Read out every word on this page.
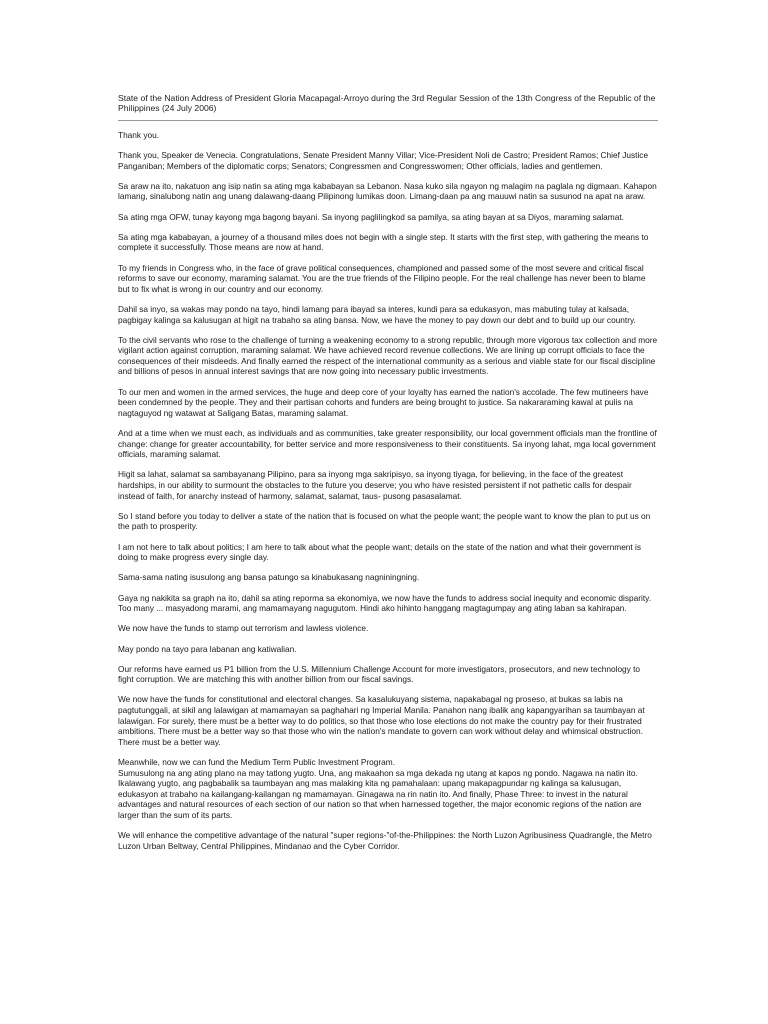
State of the Nation Address of President Gloria Macapagal-Arroyo during the 3rd Regular Session of the 13th Congress of the Republic of the Philippines (24 July 2006)

Thank you.

Thank you, Speaker de Venecia. Congratulations, Senate President Manny Villar; Vice-President Noli de Castro; President Ramos; Chief Justice Panganiban; Members of the diplomatic corps; Senators; Congressmen and Congresswomen; Other officials, ladies and gentlemen.

Sa araw na ito, nakatuon ang isip natin sa ating mga kababayan sa Lebanon. Nasa kuko sila ngayon ng malagim na paglala ng digmaan. Kahapon lamang, sinalubong natin ang unang dalawang-daang Pilipinong lumikas doon. Limang-daan pa ang mauuwi natin sa susunod na apat na araw.

Sa ating mga OFW, tunay kayong mga bagong bayani. Sa inyong paglilingkod sa pamilya, sa ating bayan at sa Diyos, maraming salamat.

Sa ating mga kababayan, a journey of a thousand miles does not begin with a single step. It starts with the first step, with gathering the means to complete it successfully. Those means are now at hand.

To my friends in Congress who, in the face of grave political consequences, championed and passed some of the most severe and critical fiscal reforms to save our economy, maraming salamat. You are the true friends of the Filipino people. For the real challenge has never been to blame but to fix what is wrong in our country and our economy.

Dahil sa inyo, sa wakas may pondo na tayo, hindi lamang para ibayad sa interes, kundi para sa edukasyon, mas mabuting tulay at kalsada, pagbigay kalinga sa kalusugan at higit na trabaho sa ating bansa. Now, we have the money to pay down our debt and to build up our country.

To the civil servants who rose to the challenge of turning a weakening economy to a strong republic, through more vigorous tax collection and more vigilant action against corruption, maraming salamat. We have achieved record revenue collections. We are lining up corrupt officials to face the consequences of their misdeeds. And finally earned the respect of the international community as a serious and viable state for our fiscal discipline and billions of pesos in annual interest savings that are now going into necessary public investments.

To our men and women in the armed services, the huge and deep core of your loyalty has earned the nation's accolade. The few mutineers have been condemned by the people. They and their partisan cohorts and funders are being brought to justice. Sa nakararaming kawal at pulis na nagtaguyod ng watawat at Saligang Batas, maraming salamat.

And at a time when we must each, as individuals and as communities, take greater responsibility, our local government officials man the frontline of change: change for greater accountability, for better service and more responsiveness to their constituents. Sa inyong lahat, mga local government officials, maraming salamat.

Higit sa lahat, salamat sa sambayanang Pilipino, para sa inyong mga sakripisyo, sa inyong tiyaga, for believing, in the face of the greatest hardships, in our ability to surmount the obstacles to the future you deserve; you who have resisted persistent if not pathetic calls for despair instead of faith, for anarchy instead of harmony, salamat, salamat, taus- pusong pasasalamat.

So I stand before you today to deliver a state of the nation that is focused on what the people want; the people want to know the plan to put us on the path to prosperity.

I am not here to talk about politics; I am here to talk about what the people want; details on the state of the nation and what their government is doing to make progress every single day.

Sama-sama nating isusulong ang bansa patungo sa kinabukasang nagniningning.

Gaya ng nakikita sa graph na ito, dahil sa ating reporma sa ekonomiya, we now have the funds to address social inequity and economic disparity. Too many ... masyadong marami, ang mamamayang nagugutom. Hindi ako hihinto hanggang magtagumpay ang ating laban sa kahirapan.

We now have the funds to stamp out terrorism and lawless violence.

May pondo na tayo para labanan ang katiwalian.

Our reforms have earned us P1 billion from the U.S. Millennium Challenge Account for more investigators, prosecutors, and new technology to fight corruption. We are matching this with another billion from our fiscal savings.

We now have the funds for constitutional and electoral changes. Sa kasalukuyang sistema, napakabagal ng proseso, at bukas sa labis na pagtutunggali, at sikil ang lalawigan at mamamayan sa paghahari ng Imperial Manila. Panahon nang ibalik ang kapangyarihan sa taumbayan at lalawigan. For surely, there must be a better way to do politics, so that those who lose elections do not make the country pay for their frustrated ambitions. There must be a better way so that those who win the nation's mandate to govern can work without delay and whimsical obstruction. There must be a better way.

Meanwhile, now we can fund the Medium Term Public Investment Program.

Sumusulong na ang ating plano na may tatlong yugto. Una, ang makaahon sa mga dekada ng utang at kapos ng pondo. Nagawa na natin ito. Ikalawang yugto, ang pagbabalik sa taumbayan ang mas malaking kita ng pamahalaan: upang makapagpundar ng kalinga sa kalusugan, edukasyon at trabaho na kailangang-kailangan ng mamamayan. Ginagawa na rin natin ito. And finally, Phase Three: to invest in the natural advantages and natural resources of each section of our nation so that when harnessed together, the major economic regions of the nation are larger than the sum of its parts.

We will enhance the competitive advantage of the natural "super regions-"of-the-Philippines: the North Luzon Agribusiness Quadrangle, the Metro Luzon Urban Beltway, Central Philippines, Mindanao and the Cyber Corridor.
